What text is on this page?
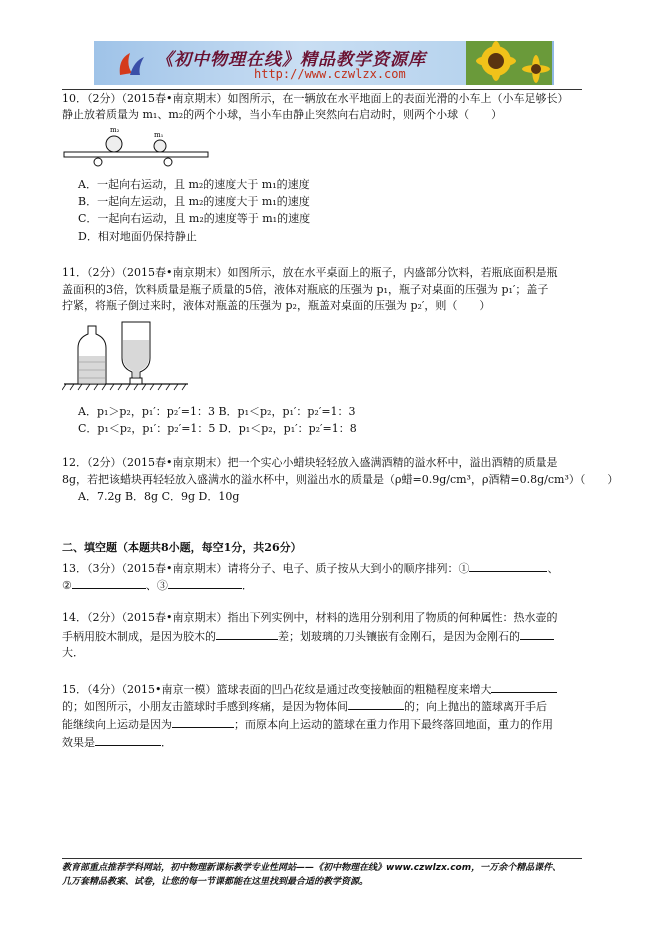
《初中物理在线》精品教学资源库
http://www.czwlzx.com
10．（2分）（2015春•南京期末）如图所示，在一辆放在水平地面上的表面光滑的小车上（小车足够长）
静止放着质量为 m₁、m₂的两个小球，当小车由静止突然向右启动时，则两个小球（　　）
m₂
m₁
A．一起向右运动，且 m₂的速度大于 m₁的速度
B．一起向左运动，且 m₂的速度大于 m₁的速度
C．一起向右运动，且 m₂的速度等于 m₁的速度
D．相对地面仍保持静止
11．（2分）（2015春•南京期末）如图所示，放在水平桌面上的瓶子，内盛部分饮料，若瓶底面积是瓶
盖面积的3倍，饮料质量是瓶子质量的5倍，液体对瓶底的压强为 p₁，瓶子对桌面的压强为 p₁′；盖子
拧紧，将瓶子倒过来时，液体对瓶盖的压强为 p₂，瓶盖对桌面的压强为 p₂′，则（　　）
A．p₁＞p₂，p₁′：p₂′=1：3 B．p₁＜p₂，p₁′：p₂′=1：3
C．p₁＜p₂，p₁′：p₂′=1：5 D．p₁＜p₂，p₁′：p₂′=1：8
12．（2分）（2015春•南京期末）把一个实心小蜡块轻轻放入盛满酒精的溢水杯中，溢出酒精的质量是
8g，若把该蜡块再轻轻放入盛满水的溢水杯中，则溢出水的质量是（ρ蜡=0.9g/cm³，ρ酒精=0.8g/cm³）（　　）
A．7.2g B．8g C．9g D．10g
二、填空题（本题共8小题，每空1分，共26分）
13．（3分）（2015春•南京期末）请将分子、电子、质子按从大到小的顺序排列：①	、
②	、③	．
14．（2分）（2015春•南京期末）指出下列实例中，材料的选用分别利用了物质的何种属性：热水壶的
手柄用胶木制成，是因为胶木的	差；划玻璃的刀头镶嵌有金刚石，是因为金刚石的
大．
15．（4分）（2015•南京一模）篮球表面的凹凸花纹是通过改变接触面的粗糙程度来增大
的；如图所示，小朋友击篮球时手感到疼痛，是因为物体间	的；向上抛出的篮球离开手后
能继续向上运动是因为	；而原本向上运动的篮球在重力作用下最终落回地面，重力的作用
效果是	．
教育部重点推荐学科网站，初中物理新课标教学专业性网站——《初中物理在线》www.czwlzx.com，一万余个精品课件、
几万套精品教案、试卷，让您的每一节课都能在这里找到最合适的教学资源。
